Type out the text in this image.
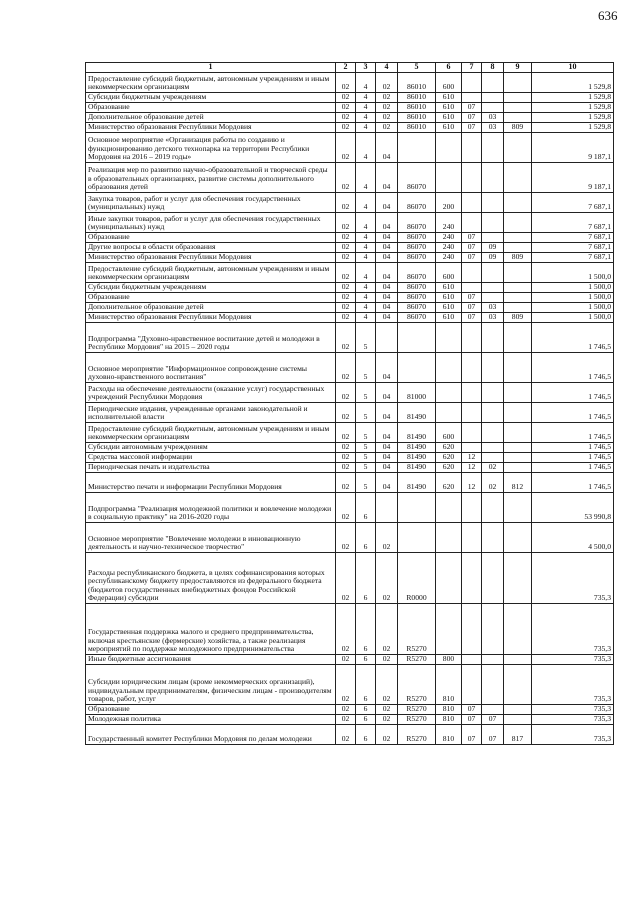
636
1	2	3	4	5	6	7	8	9	10
Предоставление субсидий бюджетным, автономным учреждениям и иным некоммерческим организациям	02	4	02	86010	600				1 529,8
Субсидии бюджетным учреждениям	02	4	02	86010	610				1 529,8
Образование	02	4	02	86010	610	07			1 529,8
Дополнительное образование детей	02	4	02	86010	610	07	03		1 529,8
Министерство образования Республики Мордовия	02	4	02	86010	610	07	03	809	1 529,8
Основное мероприятие «Организация работы по созданию и функционированию детского технопарка на территории Республики Мордовия на 2016 – 2019 годы»	02	4	04						9 187,1
Реализация мер по развитию научно-образовательной и творческой среды в образовательных организациях, развитие системы дополнительного образования детей	02	4	04	86070					9 187,1
Закупка товаров, работ и услуг для обеспечения государственных (муниципальных) нужд	02	4	04	86070	200				7 687,1
Иные закупки товаров, работ и услуг для обеспечения государственных (муниципальных) нужд	02	4	04	86070	240				7 687,1
Образование	02	4	04	86070	240	07			7 687,1
Другие вопросы в области образования	02	4	04	86070	240	07	09		7 687,1
Министерство образования Республики Мордовия	02	4	04	86070	240	07	09	809	7 687,1
Предоставление субсидий бюджетным, автономным учреждениям и иным некоммерческим организациям	02	4	04	86070	600				1 500,0
Субсидии бюджетным учреждениям	02	4	04	86070	610				1 500,0
Образование	02	4	04	86070	610	07			1 500,0
Дополнительное образование детей	02	4	04	86070	610	07	03		1 500,0
Министерство образования Республики Мордовия	02	4	04	86070	610	07	03	809	1 500,0
Подпрограмма "Духовно-нравственное воспитание детей и молодежи в Республике Мордовия" на 2015 – 2020 годы	02	5							1 746,5
Основное мероприятие "Информационное сопровождение системы духовно-нравственного воспитания"	02	5	04						1 746,5
Расходы на обеспечение деятельности (оказание услуг) государственных учреждений Республики Мордовия	02	5	04	81000					1 746,5
Периодические издания, учрежденные органами законодательной и исполнительной власти	02	5	04	81490					1 746,5
Предоставление субсидий бюджетным, автономным учреждениям и иным некоммерческим организациям	02	5	04	81490	600				1 746,5
Субсидии автономным учреждениям	02	5	04	81490	620				1 746,5
Средства массовой информации	02	5	04	81490	620	12			1 746,5
Периодическая печать и издательства	02	5	04	81490	620	12	02		1 746,5
Министерство печати и информации Республики Мордовия	02	5	04	81490	620	12	02	812	1 746,5
Подпрограмма "Реализация молодежной политики и вовлечение молодежи в социальную практику" на 2016-2020 годы	02	6							53 990,8
Основное мероприятие "Вовлечение молодежи в инновационную деятельность и научно-техническое творчество"	02	6	02						4 500,0
Расходы республиканского бюджета, в целях софинансирования которых республиканскому бюджету предоставляются из федерального бюджета (бюджетов государственных внебюджетных фондов Российской Федерации) субсидии	02	6	02	R0000					735,3
Государственная поддержка малого и среднего предпринимательства, включая крестьянские (фермерские) хозяйства, а также реализация мероприятий по поддержке молодежного предпринимательства	02	6	02	R5270					735,3
Иные бюджетные ассигнования	02	6	02	R5270	800				735,3
Субсидии юридическим лицам (кроме некоммерческих организаций), индивидуальным предпринимателям, физическим лицам - производителям товаров, работ, услуг	02	6	02	R5270	810				735,3
Образование	02	6	02	R5270	810	07			735,3
Молодежная политика	02	6	02	R5270	810	07	07		735,3
Государственный комитет Республики Мордовия по делам молодежи	02	6	02	R5270	810	07	07	817	735,3
